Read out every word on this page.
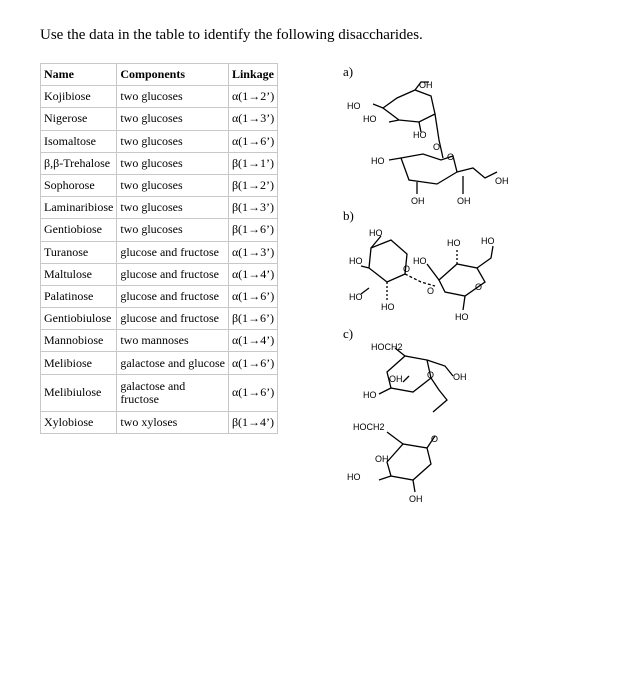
Use the data in the table to identify the following disaccharides.
Name	Components	Linkage
Kojibiose	two glucoses	α(1→2’)
Nigerose	two glucoses	α(1→3’)
Isomaltose	two glucoses	α(1→6’)
β,β-Trehalose	two glucoses	β(1→1’)
Sophorose	two glucoses	β(1→2’)
Laminaribiose	two glucoses	β(1→3’)
Gentiobiose	two glucoses	β(1→6’)
Turanose	glucose and fructose	α(1→3’)
Maltulose	glucose and fructose	α(1→4’)
Palatinose	glucose and fructose	α(1→6’)
Gentiobiulose	glucose and fructose	β(1→6’)
Mannobiose	two mannoses	α(1→4’)
Melibiose	galactose and glucose	α(1→6’)
Melibiulose	galactose and
fructose	α(1→6’)
Xylobiose	two xyloses	β(1→4’)
a)
OH
HO
HO
HO
O
HO	O
OH
OH	OH
b)
HO
HO	HO
HO
O
HO HO
O	O
HO
HO
c)
HOCH2
OH
HO
OH
O
O
HOCH2
OH
HO
OH
